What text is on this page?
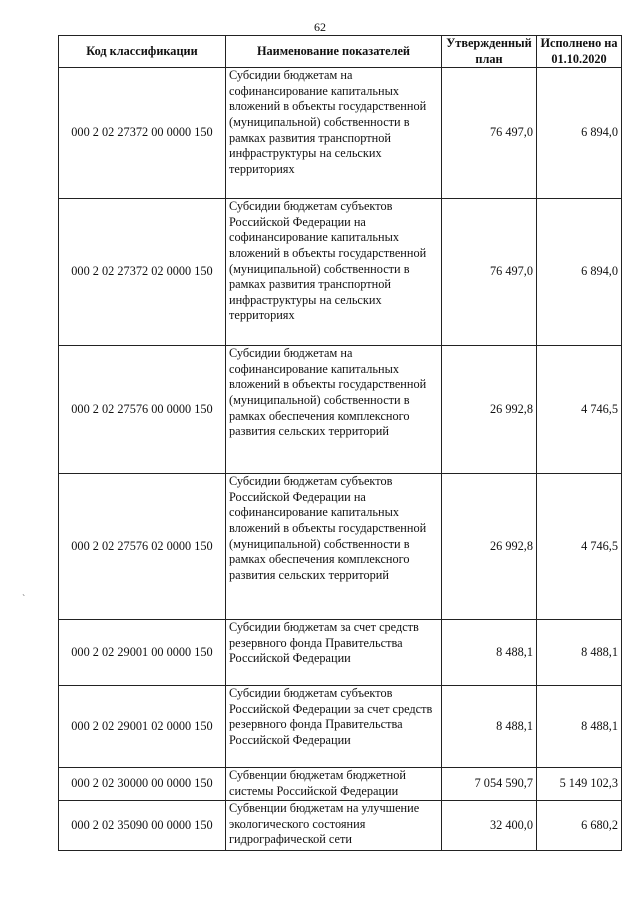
62
`
Код классификации	Наименование показателей	Утвержденный план	Исполнено на 01.10.2020
000 2 02 27372 00 0000 150	Субсидии бюджетам на софинансирование капитальных вложений в объекты государственной (муниципальной) собственности в рамках развития транспортной инфраструктуры на сельских территориях	76 497,0	6 894,0
000 2 02 27372 02 0000 150	Субсидии бюджетам субъектов Российской Федерации на софинансирование капитальных вложений в объекты государственной (муниципальной) собственности в рамках развития транспортной инфраструктуры на сельских территориях	76 497,0	6 894,0
000 2 02 27576 00 0000 150	Субсидии бюджетам на софинансирование капитальных вложений в объекты государственной (муниципальной) собственности в рамках обеспечения комплексного развития сельских территорий	26 992,8	4 746,5
000 2 02 27576 02 0000 150	Субсидии бюджетам субъектов Российской Федерации на софинансирование капитальных вложений в объекты государственной (муниципальной) собственности в рамках обеспечения комплексного развития сельских территорий	26 992,8	4 746,5
000 2 02 29001 00 0000 150	Субсидии бюджетам за счет средств резервного фонда Правительства Российской Федерации	8 488,1	8 488,1
000 2 02 29001 02 0000 150	Субсидии бюджетам субъектов Российской Федерации за счет средств резервного фонда Правительства Российской Федерации	8 488,1	8 488,1
000 2 02 30000 00 0000 150	Субвенции бюджетам бюджетной системы Российской Федерации	7 054 590,7	5 149 102,3
000 2 02 35090 00 0000 150	Субвенции бюджетам на улучшение экологического состояния гидрографической сети	32 400,0	6 680,2
